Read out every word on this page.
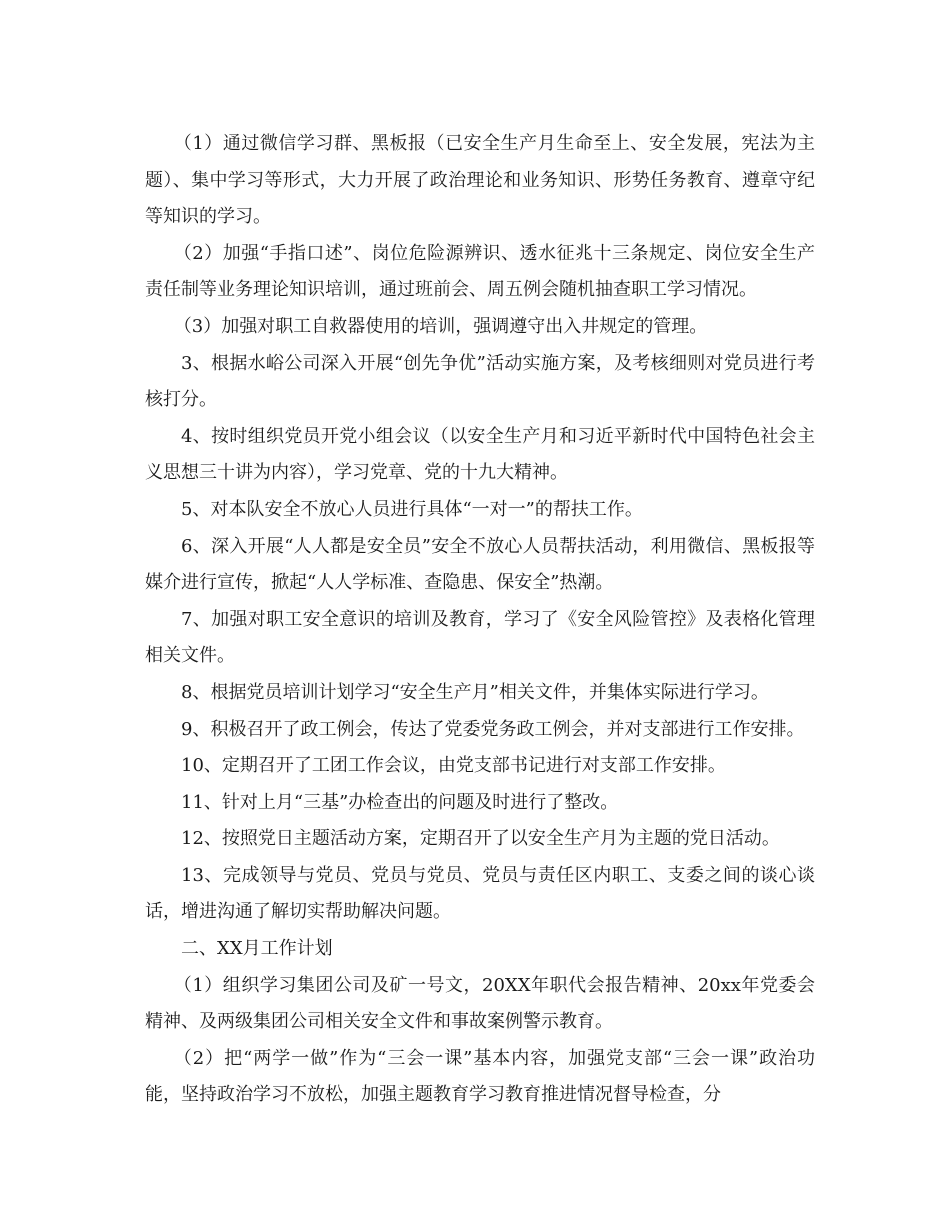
（1）通过微信学习群、黑板报（已安全生产月生命至上、安全发展，宪法为主题）、集中学习等形式，大力开展了政治理论和业务知识、形势任务教育、遵章守纪等知识的学习。

（2）加强“手指口述”、岗位危险源辨识、透水征兆十三条规定、岗位安全生产责任制等业务理论知识培训，通过班前会、周五例会随机抽查职工学习情况。

（3）加强对职工自救器使用的培训，强调遵守出入井规定的管理。

3、根据水峪公司深入开展“创先争优”活动实施方案，及考核细则对党员进行考核打分。

4、按时组织党员开党小组会议（以安全生产月和习近平新时代中国特色社会主义思想三十讲为内容），学习党章、党的十九大精神。

5、对本队安全不放心人员进行具体“一对一”的帮扶工作。

6、深入开展“人人都是安全员”安全不放心人员帮扶活动，利用微信、黑板报等媒介进行宣传，掀起“人人学标准、查隐患、保安全”热潮。

7、加强对职工安全意识的培训及教育，学习了《安全风险管控》及表格化管理相关文件。

8、根据党员培训计划学习“安全生产月”相关文件，并集体实际进行学习。

9、积极召开了政工例会，传达了党委党务政工例会，并对支部进行工作安排。

10、定期召开了工团工作会议，由党支部书记进行对支部工作安排。

11、针对上月“三基”办检查出的问题及时进行了整改。

12、按照党日主题活动方案，定期召开了以安全生产月为主题的党日活动。

13、完成领导与党员、党员与党员、党员与责任区内职工、支委之间的谈心谈话，增进沟通了解切实帮助解决问题。

二、XX月工作计划

（1）组织学习集团公司及矿一号文，20XX年职代会报告精神、20xx年党委会精神、及两级集团公司相关安全文件和事故案例警示教育。

（2）把“两学一做”作为“三会一课”基本内容，加强党支部“三会一课”政治功能，坚持政治学习不放松，加强主题教育学习教育推进情况督导检查，分
